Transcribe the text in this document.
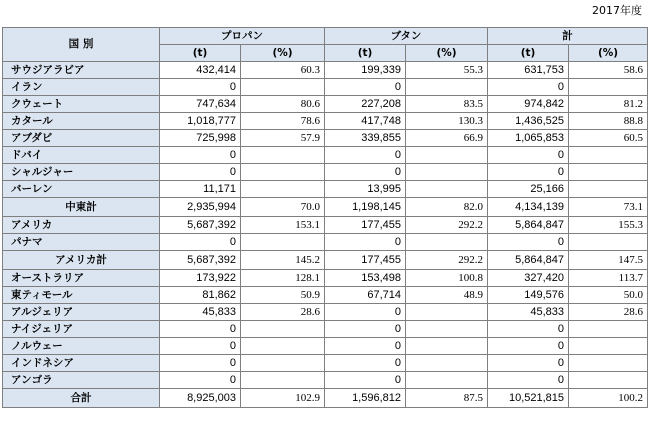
2017年度
国 別	プロパン		ブタン		計	
	(t)	(%)	(t)	(%)	(t)	(%)
サウジアラビア	432,414	60.3	199,339	55.3	631,753	58.6
イラン	0		0		0	
クウェート	747,634	80.6	227,208	83.5	974,842	81.2
カタール	1,018,777	78.6	417,748	130.3	1,436,525	88.8
アブダビ	725,998	57.9	339,855	66.9	1,065,853	60.5
ドバイ	0		0		0	
シャルジャー	0		0		0	
バーレン	11,171		13,995		25,166	
中東計	2,935,994	70.0	1,198,145	82.0	4,134,139	73.1
アメリカ	5,687,392	153.1	177,455	292.2	5,864,847	155.3
パナマ	0		0		0	
アメリカ計	5,687,392	145.2	177,455	292.2	5,864,847	147.5
オーストラリア	173,922	128.1	153,498	100.8	327,420	113.7
東ティモール	81,862	50.9	67,714	48.9	149,576	50.0
アルジェリア	45,833	28.6	0		45,833	28.6
ナイジェリア	0		0		0	
ノルウェー	0		0		0	
インドネシア	0		0		0	
アンゴラ	0		0		0	
合計	8,925,003	102.9	1,596,812	87.5	10,521,815	100.2
